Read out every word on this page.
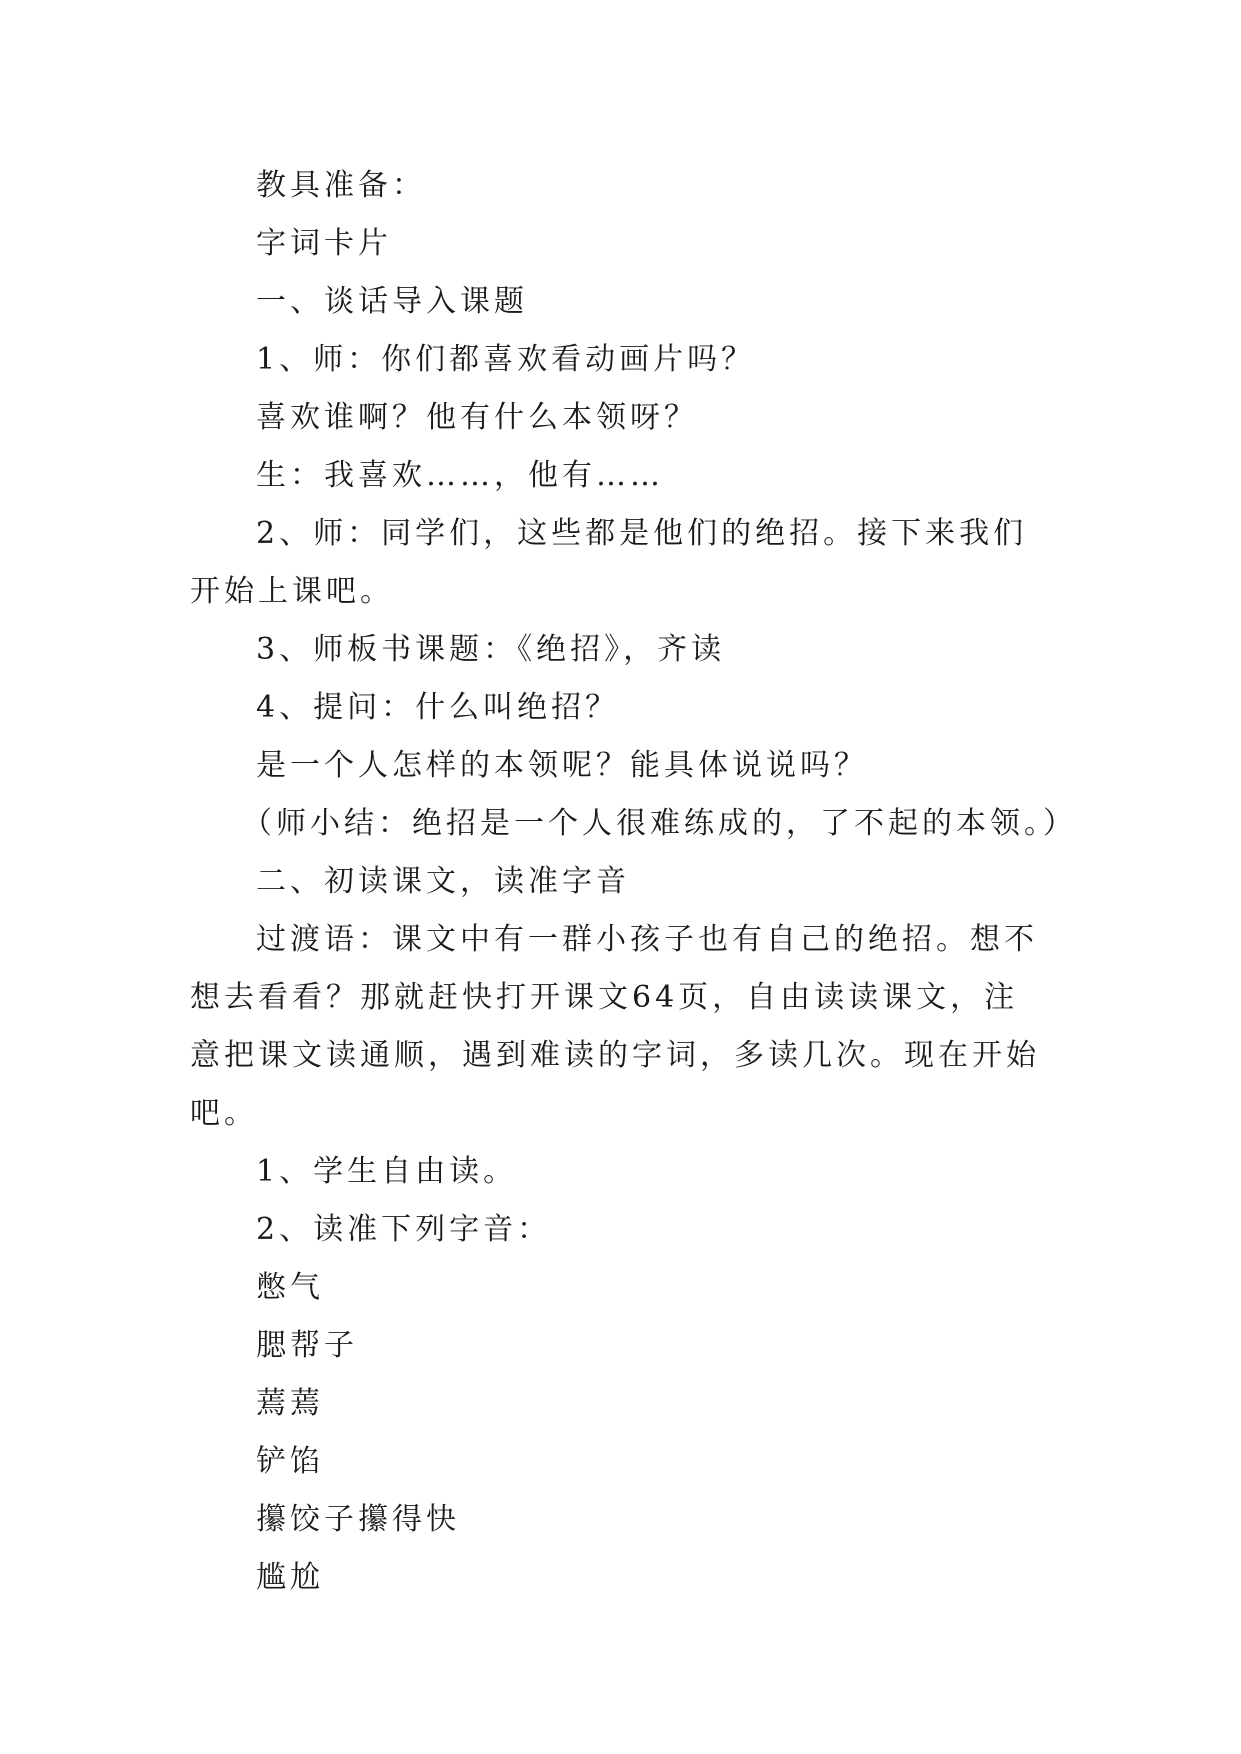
教具准备：

字词卡片

一、谈话导入课题

1、师：你们都喜欢看动画片吗？

喜欢谁啊？他有什么本领呀？

生：我喜欢……，他有……

2、师：同学们，这些都是他们的绝招。接下来我们开始上课吧。

3、师板书课题：《绝招》，齐读

4、提问：什么叫绝招？

是一个人怎样的本领呢？能具体说说吗？

（师小结：绝招是一个人很难练成的，了不起的本领。）

二、初读课文，读准字音

过渡语：课文中有一群小孩子也有自己的绝招。想不想去看看？那就赶快打开课文64页，自由读读课文，注意把课文读通顺，遇到难读的字词，多读几次。现在开始吧。

1、学生自由读。

2、读准下列字音：

憋气

腮帮子

蔫蔫

铲馅

攥饺子攥得快

尴尬
